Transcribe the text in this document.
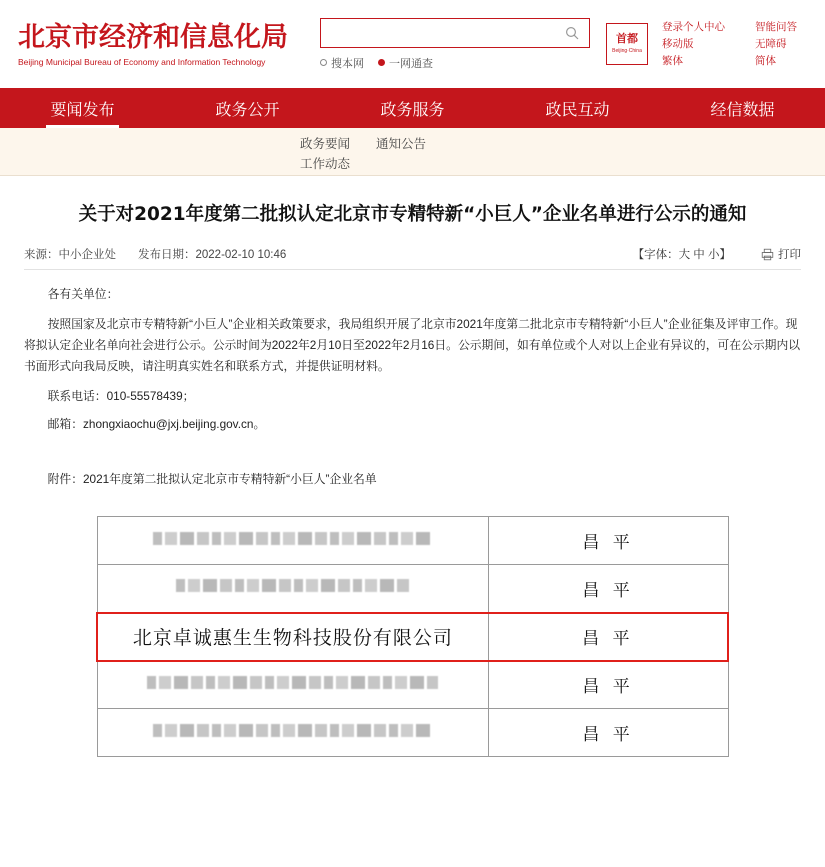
北京市经济和信息化局
Beijing Municipal Bureau of Economy and Information Technology	搜本网 一网通查
首都
Beijing·China
登录个人中心
移动版
繁体
智能问答
无障碍
简体
要闻发布	政务公开	政务服务	政民互动	经信数据
政务要闻 通知公告
工作动态
关于对2021年度第二批拟认定北京市专精特新“小巨人”企业名单进行公示的通知
来源：中小企业处 发布日期：2022-02-10 10:46	【字体：大 中 小】	打印
各有关单位：
按照国家及北京市专精特新“小巨人”企业相关政策要求，我局组织开展了北京市2021年度第二批北京市专精特新“小巨人”企业征集及评审工作。现将拟认定企业名单向社会进行公示。公示时间为2022年2月10日至2022年2月16日。公示期间，如有单位或个人对以上企业有异议的，可在公示期内以书面形式向我局反映，请注明真实姓名和联系方式，并提供证明材料。
联系电话：010-55578439；
邮箱：zhongxiaochu@jxj.beijing.gov.cn。
附件：2021年度第二批拟认定北京市专精特新“小巨人”企业名单
	昌 平
	昌 平
北京卓诚惠生生物科技股份有限公司	昌 平
	昌 平
	昌 平
